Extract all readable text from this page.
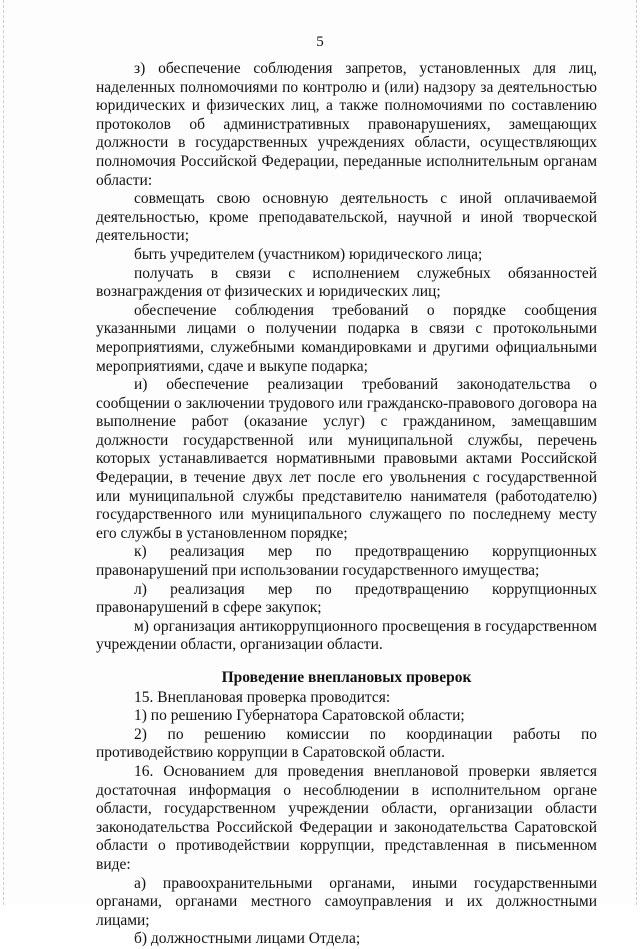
5

з) обеспечение соблюдения запретов, установленных для лиц, наделенных полномочиями по контролю и (или) надзору за деятельностью юридических и физических лиц, а также полномочиями по составлению протоколов об административных правонарушениях, замещающих должности в государственных учреждениях области, осуществляющих полномочия Российской Федерации, переданные исполнительным органам области:

совмещать свою основную деятельность с иной оплачиваемой деятельностью, кроме преподавательской, научной и иной творческой деятельности;

быть учредителем (участником) юридического лица;

получать в связи с исполнением служебных обязанностей вознаграждения от физических и юридических лиц;

обеспечение соблюдения требований о порядке сообщения указанными лицами о получении подарка в связи с протокольными мероприятиями, служебными командировками и другими официальными мероприятиями, сдаче и выкупе подарка;

и) обеспечение реализации требований законодательства о сообщении о заключении трудового или гражданско-правового договора на выполнение работ (оказание услуг) с гражданином, замещавшим должности государственной или муниципальной службы, перечень которых устанавливается нормативными правовыми актами Российской Федерации, в течение двух лет после его увольнения с государственной или муниципальной службы представителю нанимателя (работодателю) государственного или муниципального служащего по последнему месту его службы в установленном порядке;

к) реализация мер по предотвращению коррупционных правонарушений при использовании государственного имущества;

л) реализация мер по предотвращению коррупционных правонарушений в сфере закупок;

м) организация антикоррупционного просвещения в государственном учреждении области, организации области.

Проведение внеплановых проверок

15. Внеплановая проверка проводится:

1) по решению Губернатора Саратовской области;

2) по решению комиссии по координации работы по противодействию коррупции в Саратовской области.

16. Основанием для проведения внеплановой проверки является достаточная информация о несоблюдении в исполнительном органе области, государственном учреждении области, организации области законодательства Российской Федерации и законодательства Саратовской области о противодействии коррупции, представленная в письменном виде:

а) правоохранительными органами, иными государственными органами, органами местного самоуправления и их должностными лицами;

б) должностными лицами Отдела;
